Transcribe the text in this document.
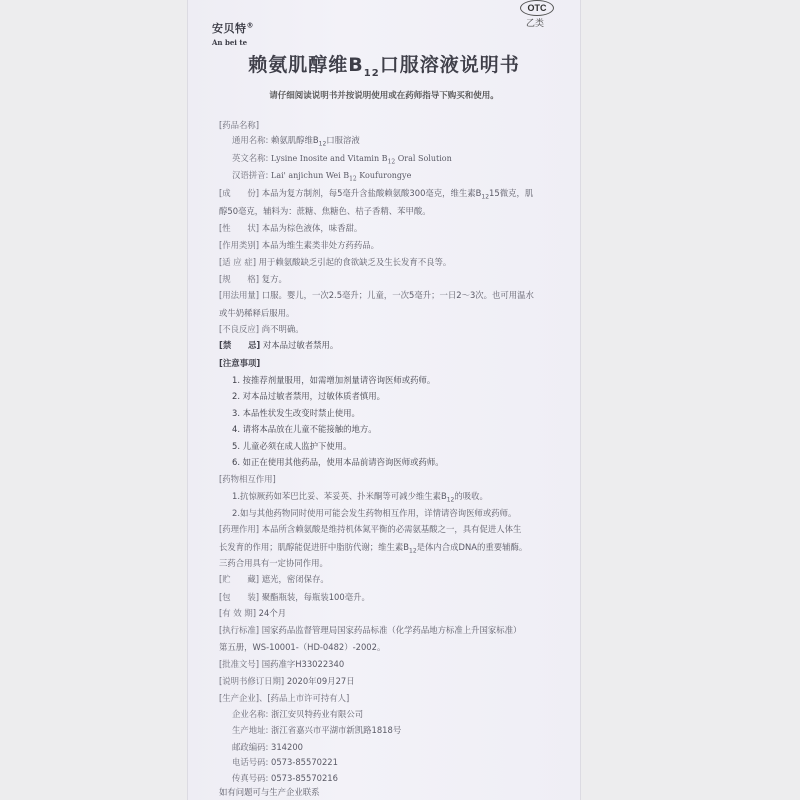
安贝特®
An bei te
OTC
乙类
赖氨肌醇维$B_{12}$口服溶液说明书
请仔细阅读说明书并按说明使用或在药师指导下购买和使用。
[药品名称]
通用名称: 赖氨肌醇维$B_{12}$口服溶液
英文名称: Lysine Inosite and Vitamin $B_{12}$ Oral Solution
汉语拼音: Lai' anjichun Wei $B_{12}$ Koufurongye
[成　　份] 本品为复方制剂，每5毫升含盐酸赖氨酸300毫克，维生素$B_{12}15$微克，肌
醇50毫克，辅料为：蔗糖、焦糖色、桔子香精、苯甲酸。
[性　　状] 本品为棕色液体，味香甜。
[作用类别] 本品为维生素类非处方药药品。
[适 应 症] 用于赖氨酸缺乏引起的食欲缺乏及生长发育不良等。
[规　　格] 复方。
[用法用量] 口服。婴儿，一次2.5毫升；儿童，一次5毫升；一日2～3次。也可用温水
或牛奶稀释后服用。
[不良反应] 尚不明确。
[禁　　忌] 对本品过敏者禁用。
[注意事项]
1. 按推荐剂量服用，如需增加剂量请咨询医师或药师。
2. 对本品过敏者禁用，过敏体质者慎用。
3. 本品性状发生改变时禁止使用。
4. 请将本品放在儿童不能接触的地方。
5. 儿童必须在成人监护下使用。
6. 如正在使用其他药品，使用本品前请咨询医师或药师。
[药物相互作用]
1.抗惊厥药如苯巴比妥、苯妥英、扑米酮等可减少维生素$B_{12}$的吸收。
2.如与其他药物同时使用可能会发生药物相互作用，详情请咨询医师或药师。
[药理作用] 本品所含赖氨酸是维持机体氮平衡的必需氨基酸之一，具有促进人体生
长发育的作用；肌醇能促进肝中脂肪代谢；维生素$B_{12}$是体内合成DNA的重要辅酶。
三药合用具有一定协同作用。
[贮　　藏] 遮光，密闭保存。
[包　　装] 聚酯瓶装，每瓶装100毫升。
[有 效 期] 24个月
[执行标准] 国家药品监督管理局国家药品标准（化学药品地方标准上升国家标准）
第五册，WS-10001-（HD-0482）-2002。
[批准文号] 国药准字H33022340
[说明书修订日期] 2020年09月27日
[生产企业]、[药品上市许可持有人]
企业名称: 浙江安贝特药业有限公司
生产地址: 浙江省嘉兴市平湖市新凯路1818号
邮政编码: 314200
电话号码: 0573-85570221
传真号码: 0573-85570216
如有问题可与生产企业联系
